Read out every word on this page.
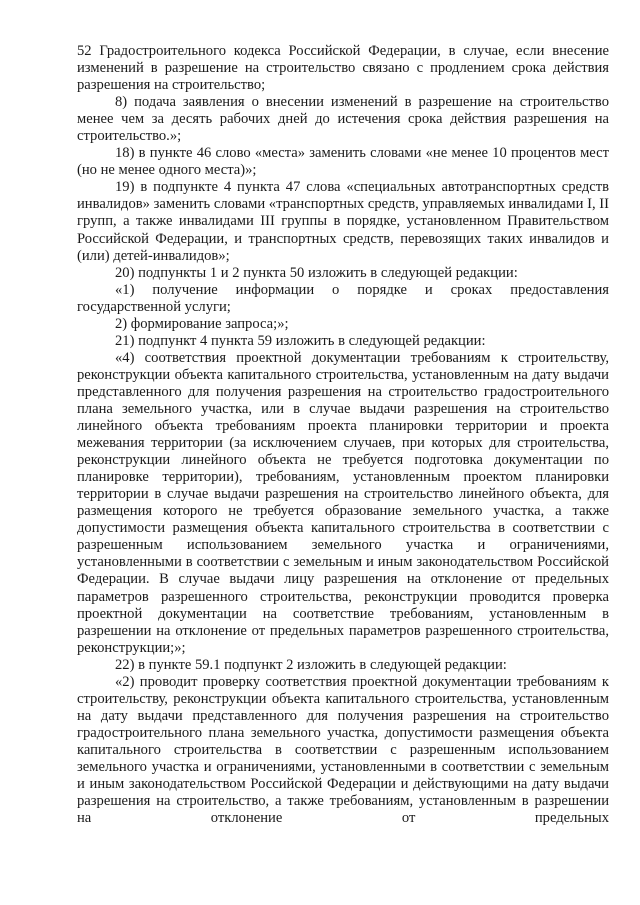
52 Градостроительного кодекса Российской Федерации, в случае, если внесение изменений в разрешение на строительство связано с продлением срока действия разрешения на строительство;

8) подача заявления о внесении изменений в разрешение на строительство менее чем за десять рабочих дней до истечения срока действия разрешения на строительство.»;

18) в пункте 46 слово «места» заменить словами «не менее 10 процентов мест (но не менее одного места)»;

19) в подпункте 4 пункта 47 слова «специальных автотранспортных средств инвалидов» заменить словами «транспортных средств, управляемых инвалидами I, II групп, а также инвалидами III группы в порядке, установленном Правительством Российской Федерации, и транспортных средств, перевозящих таких инвалидов и (или) детей-инвалидов»;

20) подпункты 1 и 2 пункта 50 изложить в следующей редакции:

«1) получение информации о порядке и сроках предоставления государственной услуги;

2) формирование запроса;»;

21) подпункт 4 пункта 59 изложить в следующей редакции:

«4) соответствия проектной документации требованиям к строительству, реконструкции объекта капитального строительства, установленным на дату выдачи представленного для получения разрешения на строительство градостроительного плана земельного участка, или в случае выдачи разрешения на строительство линейного объекта требованиям проекта планировки территории и проекта межевания территории (за исключением случаев, при которых для строительства, реконструкции линейного объекта не требуется подготовка документации по планировке территории), требованиям, установленным проектом планировки территории в случае выдачи разрешения на строительство линейного объекта, для размещения которого не требуется образование земельного участка, а также допустимости размещения объекта капитального строительства в соответствии с разрешенным использованием земельного участка и ограничениями, установленными в соответствии с земельным и иным законодательством Российской Федерации. В случае выдачи лицу разрешения на отклонение от предельных параметров разрешенного строительства, реконструкции проводится проверка проектной документации на соответствие требованиям, установленным в разрешении на отклонение от предельных параметров разрешенного строительства, реконструкции;»;

22) в пункте 59.1 подпункт 2 изложить в следующей редакции:

«2) проводит проверку соответствия проектной документации требованиям к строительству, реконструкции объекта капитального строительства, установленным на дату выдачи представленного для получения разрешения на строительство градостроительного плана земельного участка, допустимости размещения объекта капитального строительства в соответствии с разрешенным использованием земельного участка и ограничениями, установленными в соответствии с земельным и иным законодательством Российской Федерации и действующими на дату выдачи разрешения на строительство, а также требованиям, установленным в разрешении на отклонение от предельных
